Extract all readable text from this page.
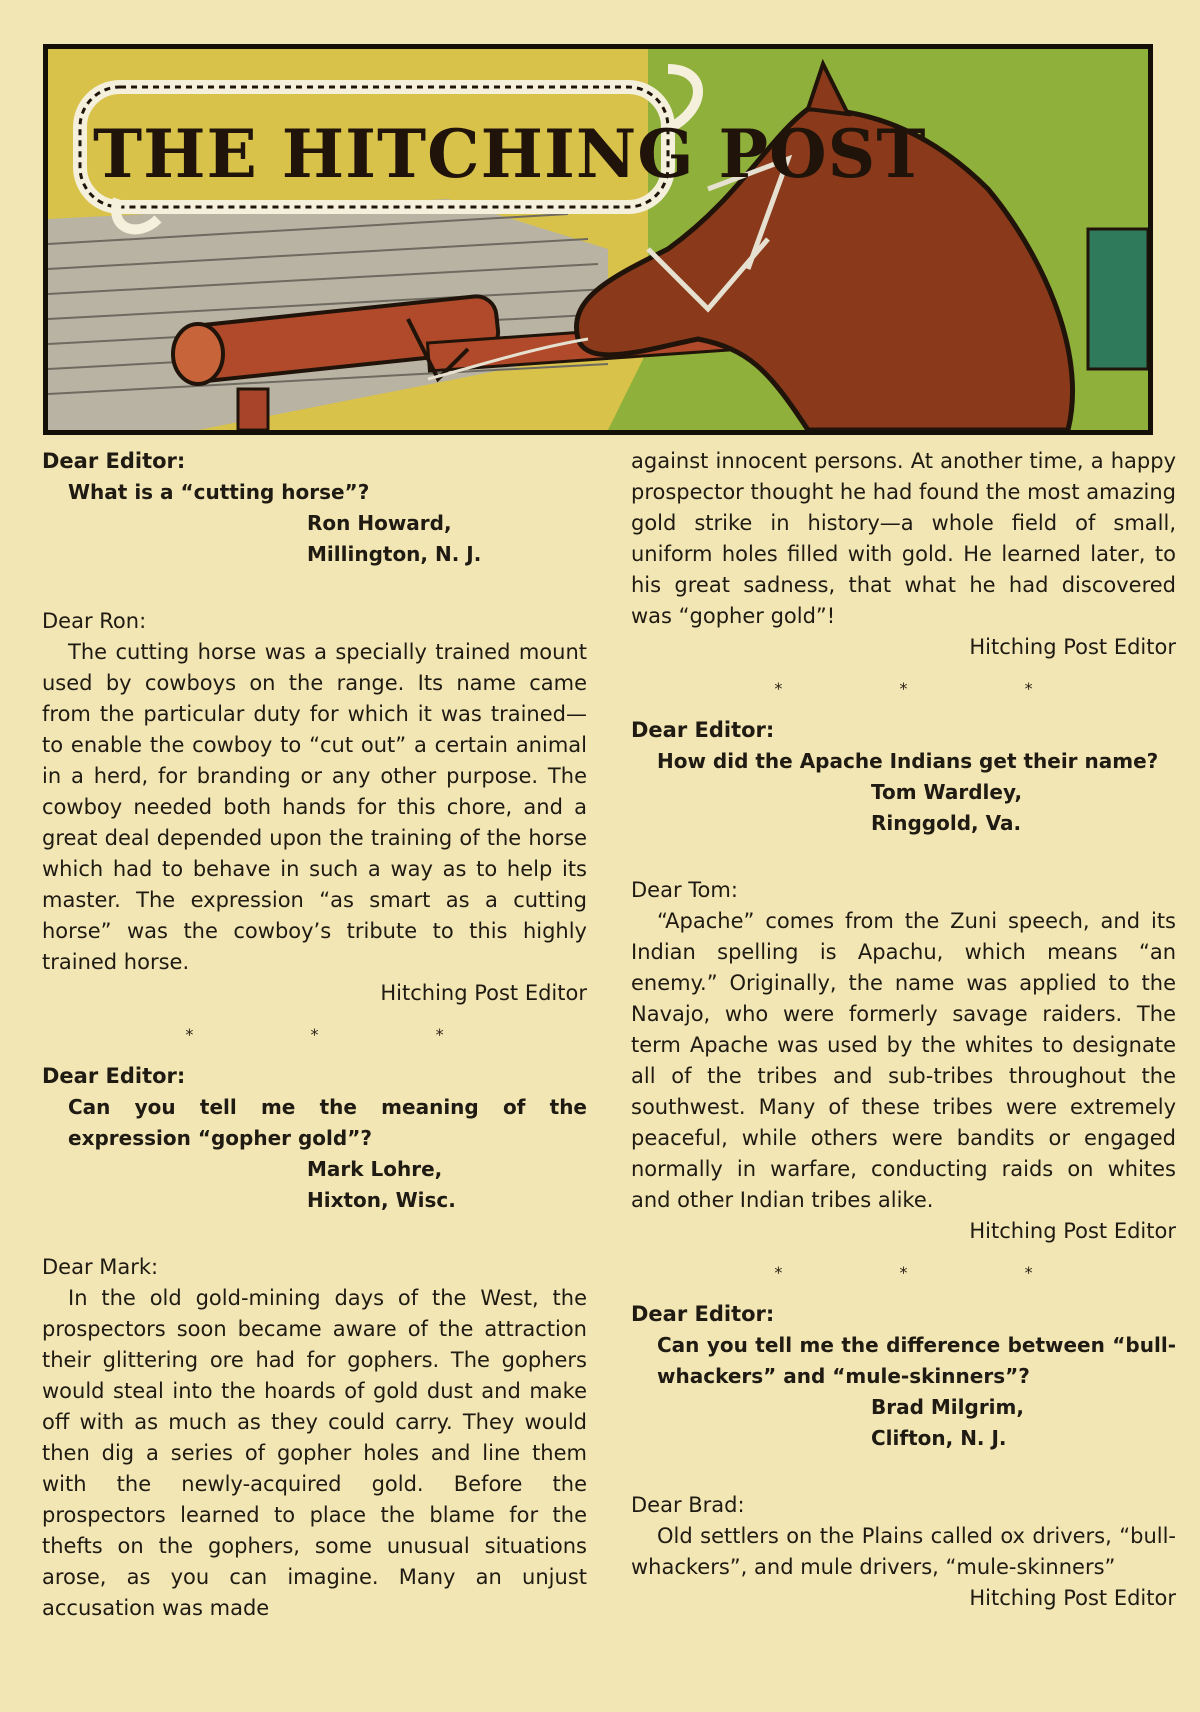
THE HITCHING POST

Dear Editor:

What is a “cutting horse”?

Ron Howard,

Millington, N. J.

Dear Ron:

The cutting horse was a specially trained mount used by cowboys on the range. Its name came from the particular duty for which it was trained—to enable the cowboy to “cut out” a certain animal in a herd, for branding or any other purpose. The cowboy needed both hands for this chore, and a great deal depended upon the training of the horse which had to behave in such a way as to help its master. The expression “as smart as a cutting horse” was the cowboy’s tribute to this highly trained horse.

Hitching Post Editor

* * *

Dear Editor:

Can you tell me the meaning of the expression “gopher gold”?

Mark Lohre,

Hixton, Wisc.

Dear Mark:

In the old gold-mining days of the West, the prospectors soon became aware of the attraction their glittering ore had for gophers. The gophers would steal into the hoards of gold dust and make off with as much as they could carry. They would then dig a series of gopher holes and line them with the newly-acquired gold. Before the prospectors learned to place the blame for the thefts on the gophers, some unusual situations arose, as you can imagine. Many an unjust accusation was made

against innocent persons. At another time, a happy prospector thought he had found the most amazing gold strike in history—a whole field of small, uniform holes filled with gold. He learned later, to his great sadness, that what he had discovered was “gopher gold”!

Hitching Post Editor

* * *

Dear Editor:

How did the Apache Indians get their name?

Tom Wardley,

Ringgold, Va.

Dear Tom:

“Apache” comes from the Zuni speech, and its Indian spelling is Apachu, which means “an enemy.” Originally, the name was applied to the Navajo, who were formerly savage raiders. The term Apache was used by the whites to designate all of the tribes and sub-tribes throughout the southwest. Many of these tribes were extremely peaceful, while others were bandits or engaged normally in warfare, conducting raids on whites and other Indian tribes alike.

Hitching Post Editor

* * *

Dear Editor:

Can you tell me the difference between “bull-whackers” and “mule-skinners”?

Brad Milgrim,

Clifton, N. J.

Dear Brad:

Old settlers on the Plains called ox drivers, “bull-whackers”, and mule drivers, “mule-skinners”

Hitching Post Editor
